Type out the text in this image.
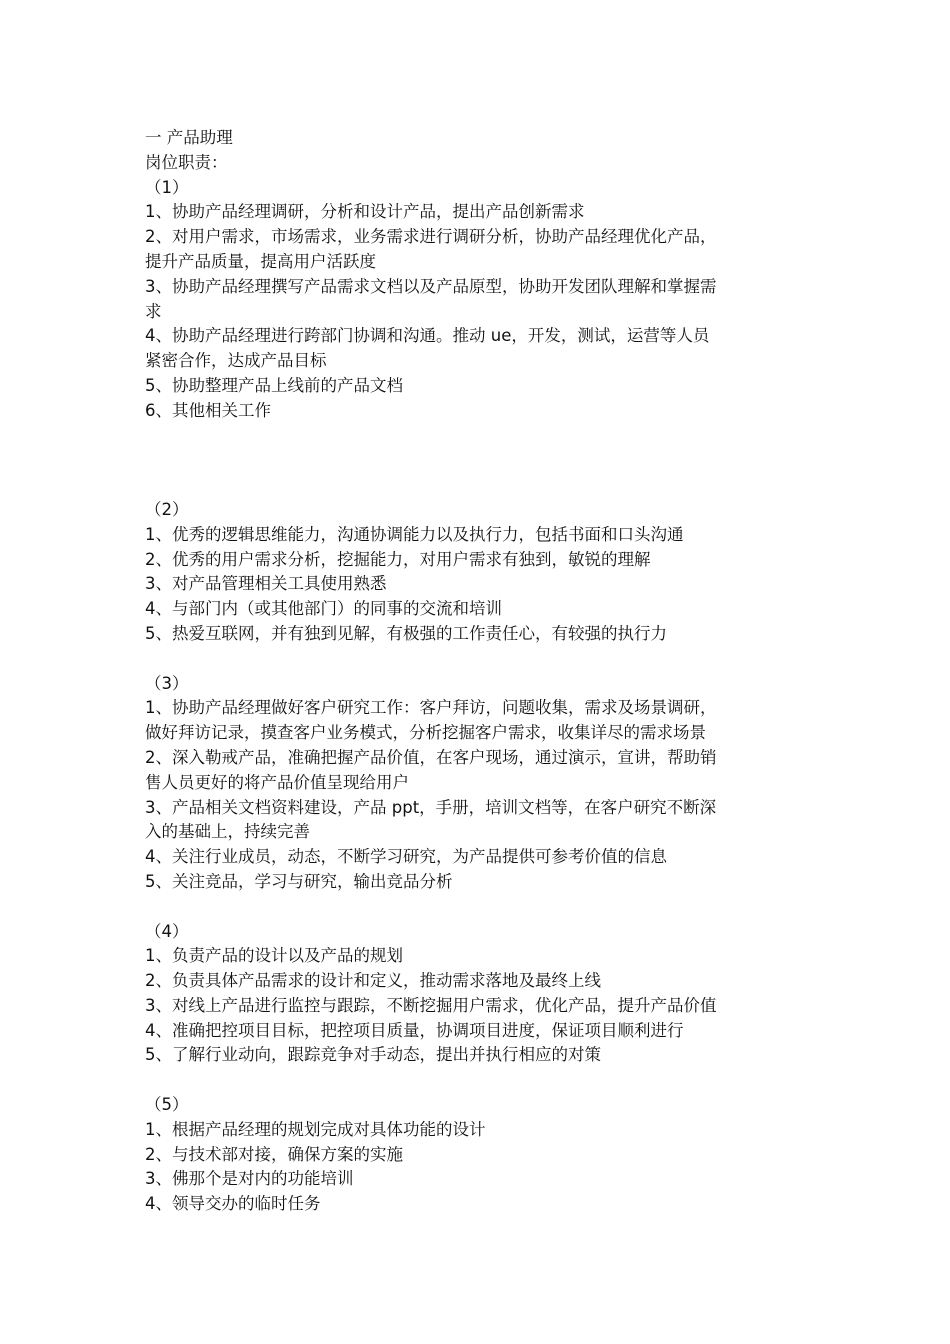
一 产品助理
岗位职责：
（1）
1、协助产品经理调研，分析和设计产品，提出产品创新需求
2、对用户需求，市场需求，业务需求进行调研分析，协助产品经理优化产品，
提升产品质量，提高用户活跃度
3、协助产品经理撰写产品需求文档以及产品原型，协助开发团队理解和掌握需
求
4、协助产品经理进行跨部门协调和沟通。推动 ue，开发，测试，运营等人员
紧密合作，达成产品目标
5、协助整理产品上线前的产品文档
6、其他相关工作
（2）
1、优秀的逻辑思维能力，沟通协调能力以及执行力，包括书面和口头沟通
2、优秀的用户需求分析，挖掘能力，对用户需求有独到，敏锐的理解
3、对产品管理相关工具使用熟悉
4、与部门内（或其他部门）的同事的交流和培训
5、热爱互联网，并有独到见解，有极强的工作责任心，有较强的执行力
（3）
1、协助产品经理做好客户研究工作：客户拜访，问题收集，需求及场景调研，
做好拜访记录，摸查客户业务模式，分析挖掘客户需求，收集详尽的需求场景
2、深入勒戒产品，准确把握产品价值，在客户现场，通过演示，宣讲，帮助销
售人员更好的将产品价值呈现给用户
3、产品相关文档资料建设，产品 ppt，手册，培训文档等，在客户研究不断深
入的基础上，持续完善
4、关注行业成员，动态，不断学习研究，为产品提供可参考价值的信息
5、关注竞品，学习与研究，输出竞品分析
（4）
1、负责产品的设计以及产品的规划
2、负责具体产品需求的设计和定义，推动需求落地及最终上线
3、对线上产品进行监控与跟踪，不断挖掘用户需求，优化产品，提升产品价值
4、准确把控项目目标，把控项目质量，协调项目进度，保证项目顺利进行
5、了解行业动向，跟踪竞争对手动态，提出并执行相应的对策
（5）
1、根据产品经理的规划完成对具体功能的设计
2、与技术部对接，确保方案的实施
3、佛那个是对内的功能培训
4、领导交办的临时任务
